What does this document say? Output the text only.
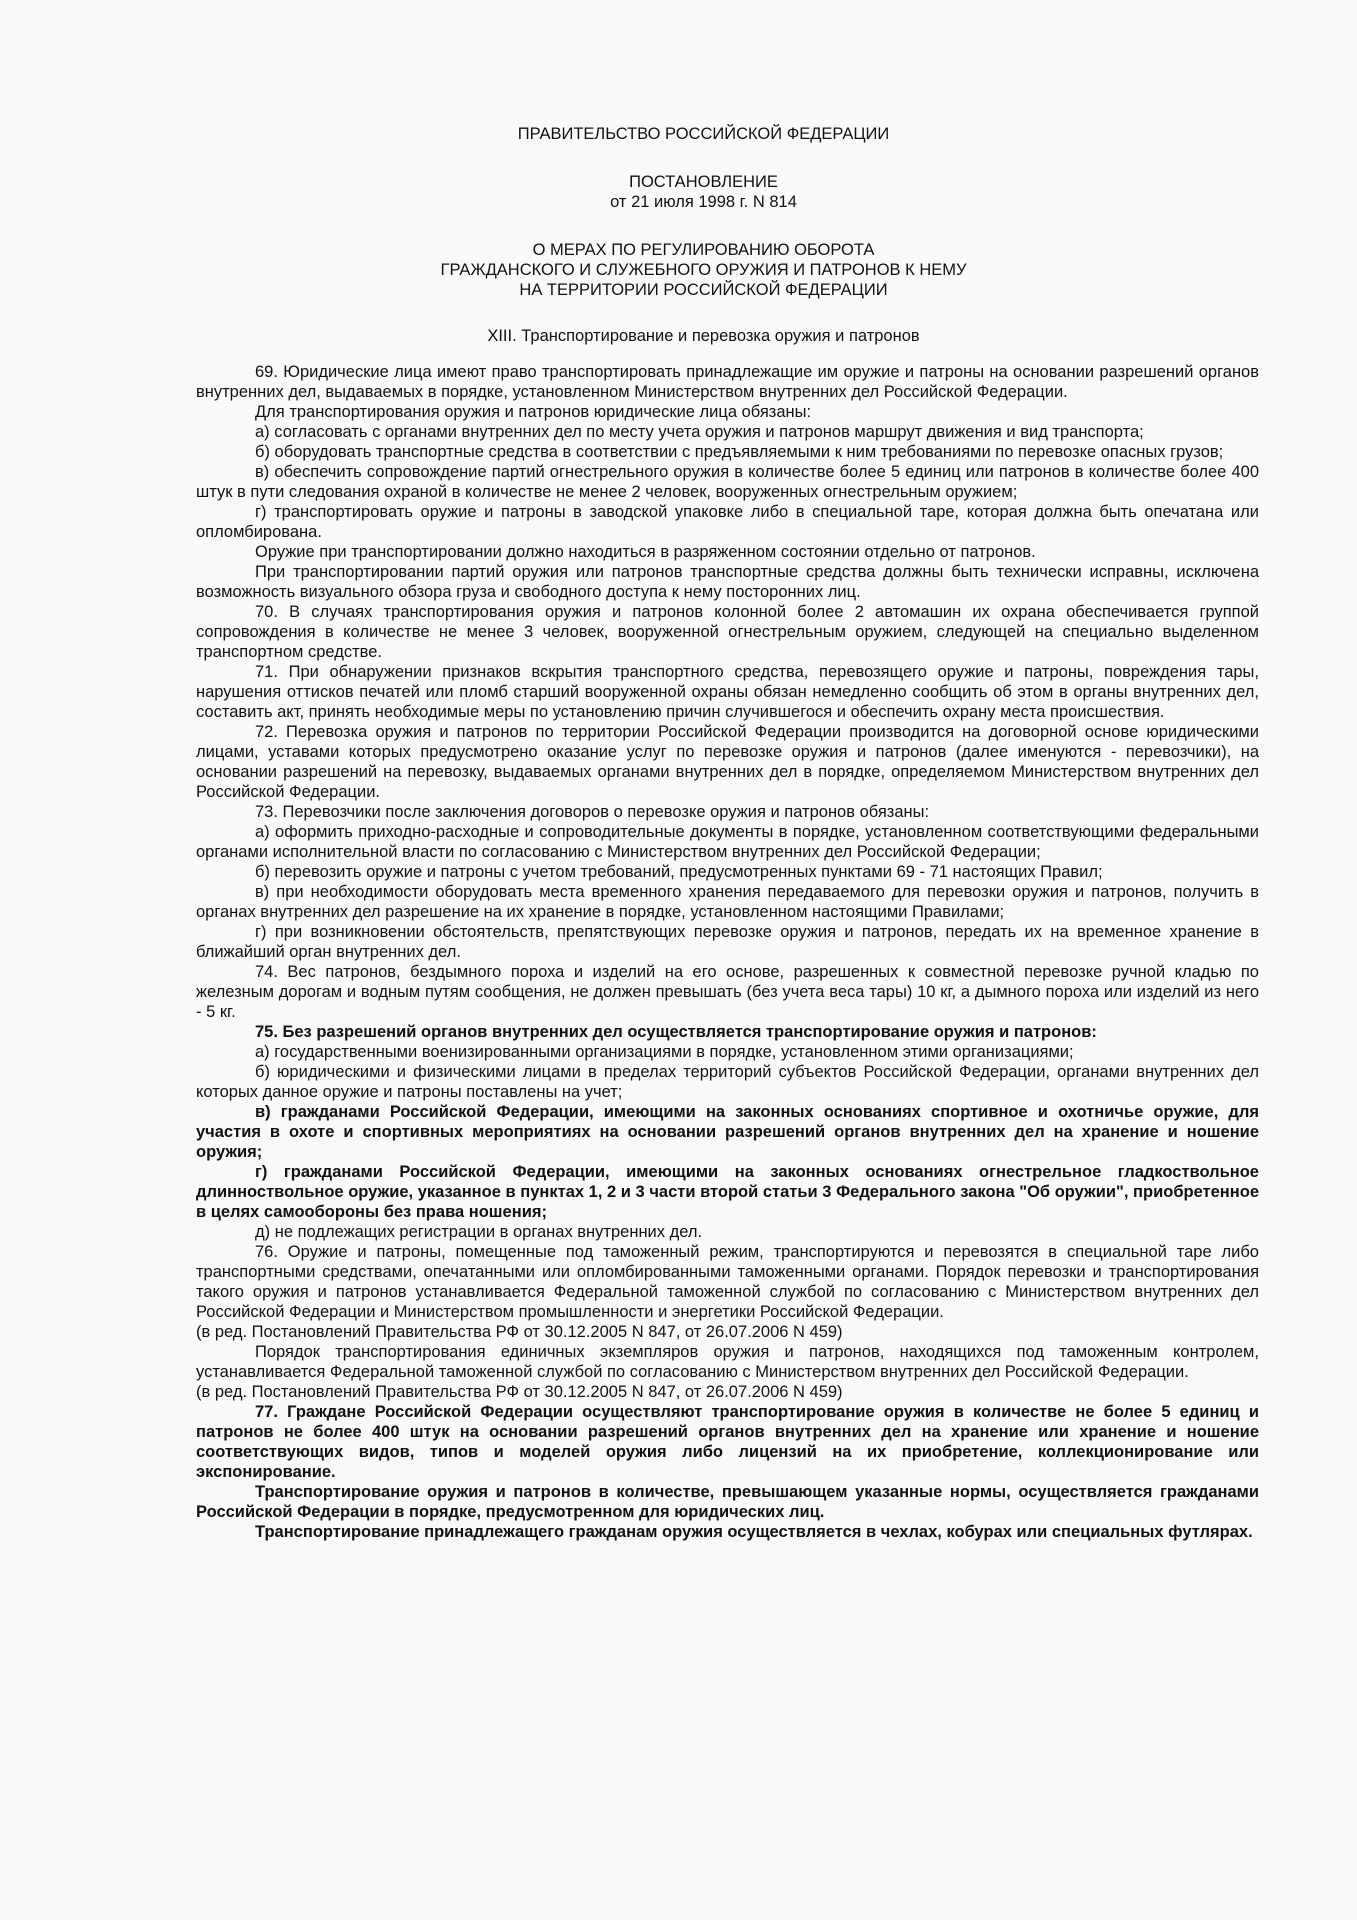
ПРАВИТЕЛЬСТВО РОССИЙСКОЙ ФЕДЕРАЦИИ
ПОСТАНОВЛЕНИЕ
от 21 июля 1998 г. N 814
О МЕРАХ ПО РЕГУЛИРОВАНИЮ ОБОРОТА
ГРАЖДАНСКОГО И СЛУЖЕБНОГО ОРУЖИЯ И ПАТРОНОВ К НЕМУ
НА ТЕРРИТОРИИ РОССИЙСКОЙ ФЕДЕРАЦИИ
XIII. Транспортирование и перевозка оружия и патронов

69. Юридические лица имеют право транспортировать принадлежащие им оружие и патроны на основании разрешений органов внутренних дел, выдаваемых в порядке, установленном Министерством внутренних дел Российской Федерации.

Для транспортирования оружия и патронов юридические лица обязаны:

а) согласовать с органами внутренних дел по месту учета оружия и патронов маршрут движения и вид транспорта;

б) оборудовать транспортные средства в соответствии с предъявляемыми к ним требованиями по перевозке опасных грузов;

в) обеспечить сопровождение партий огнестрельного оружия в количестве более 5 единиц или патронов в количестве более 400 штук в пути следования охраной в количестве не менее 2 человек, вооруженных огнестрельным оружием;

г) транспортировать оружие и патроны в заводской упаковке либо в специальной таре, которая должна быть опечатана или опломбирована.

Оружие при транспортировании должно находиться в разряженном состоянии отдельно от патронов.

При транспортировании партий оружия или патронов транспортные средства должны быть технически исправны, исключена возможность визуального обзора груза и свободного доступа к нему посторонних лиц.

70. В случаях транспортирования оружия и патронов колонной более 2 автомашин их охрана обеспечивается группой сопровождения в количестве не менее 3 человек, вооруженной огнестрельным оружием, следующей на специально выделенном транспортном средстве.

71. При обнаружении признаков вскрытия транспортного средства, перевозящего оружие и патроны, повреждения тары, нарушения оттисков печатей или пломб старший вооруженной охраны обязан немедленно сообщить об этом в органы внутренних дел, составить акт, принять необходимые меры по установлению причин случившегося и обеспечить охрану места происшествия.

72. Перевозка оружия и патронов по территории Российской Федерации производится на договорной основе юридическими лицами, уставами которых предусмотрено оказание услуг по перевозке оружия и патронов (далее именуются - перевозчики), на основании разрешений на перевозку, выдаваемых органами внутренних дел в порядке, определяемом Министерством внутренних дел Российской Федерации.

73. Перевозчики после заключения договоров о перевозке оружия и патронов обязаны:

а) оформить приходно-расходные и сопроводительные документы в порядке, установленном соответствующими федеральными органами исполнительной власти по согласованию с Министерством внутренних дел Российской Федерации;

б) перевозить оружие и патроны с учетом требований, предусмотренных пунктами 69 - 71 настоящих Правил;

в) при необходимости оборудовать места временного хранения передаваемого для перевозки оружия и патронов, получить в органах внутренних дел разрешение на их хранение в порядке, установленном настоящими Правилами;

г) при возникновении обстоятельств, препятствующих перевозке оружия и патронов, передать их на временное хранение в ближайший орган внутренних дел.

74. Вес патронов, бездымного пороха и изделий на его основе, разрешенных к совместной перевозке ручной кладью по железным дорогам и водным путям сообщения, не должен превышать (без учета веса тары) 10 кг, а дымного пороха или изделий из него - 5 кг.

75. Без разрешений органов внутренних дел осуществляется транспортирование оружия и патронов:

а) государственными военизированными организациями в порядке, установленном этими организациями;

б) юридическими и физическими лицами в пределах территорий субъектов Российской Федерации, органами внутренних дел которых данное оружие и патроны поставлены на учет;

в) гражданами Российской Федерации, имеющими на законных основаниях спортивное и охотничье оружие, для участия в охоте и спортивных мероприятиях на основании разрешений органов внутренних дел на хранение и ношение оружия;

г) гражданами Российской Федерации, имеющими на законных основаниях огнестрельное гладкоствольное длинноствольное оружие, указанное в пунктах 1, 2 и 3 части второй статьи 3 Федерального закона "Об оружии", приобретенное в целях самообороны без права ношения;

д) не подлежащих регистрации в органах внутренних дел.

76. Оружие и патроны, помещенные под таможенный режим, транспортируются и перевозятся в специальной таре либо транспортными средствами, опечатанными или опломбированными таможенными органами. Порядок перевозки и транспортирования такого оружия и патронов устанавливается Федеральной таможенной службой по согласованию с Министерством внутренних дел Российской Федерации и Министерством промышленности и энергетики Российской Федерации.

(в ред. Постановлений Правительства РФ от 30.12.2005 N 847, от 26.07.2006 N 459)

Порядок транспортирования единичных экземпляров оружия и патронов, находящихся под таможенным контролем, устанавливается Федеральной таможенной службой по согласованию с Министерством внутренних дел Российской Федерации.

(в ред. Постановлений Правительства РФ от 30.12.2005 N 847, от 26.07.2006 N 459)

77. Граждане Российской Федерации осуществляют транспортирование оружия в количестве не более 5 единиц и патронов не более 400 штук на основании разрешений органов внутренних дел на хранение или хранение и ношение соответствующих видов, типов и моделей оружия либо лицензий на их приобретение, коллекционирование или экспонирование.

Транспортирование оружия и патронов в количестве, превышающем указанные нормы, осуществляется гражданами Российской Федерации в порядке, предусмотренном для юридических лиц.

Транспортирование принадлежащего гражданам оружия осуществляется в чехлах, кобурах или специальных футлярах.
